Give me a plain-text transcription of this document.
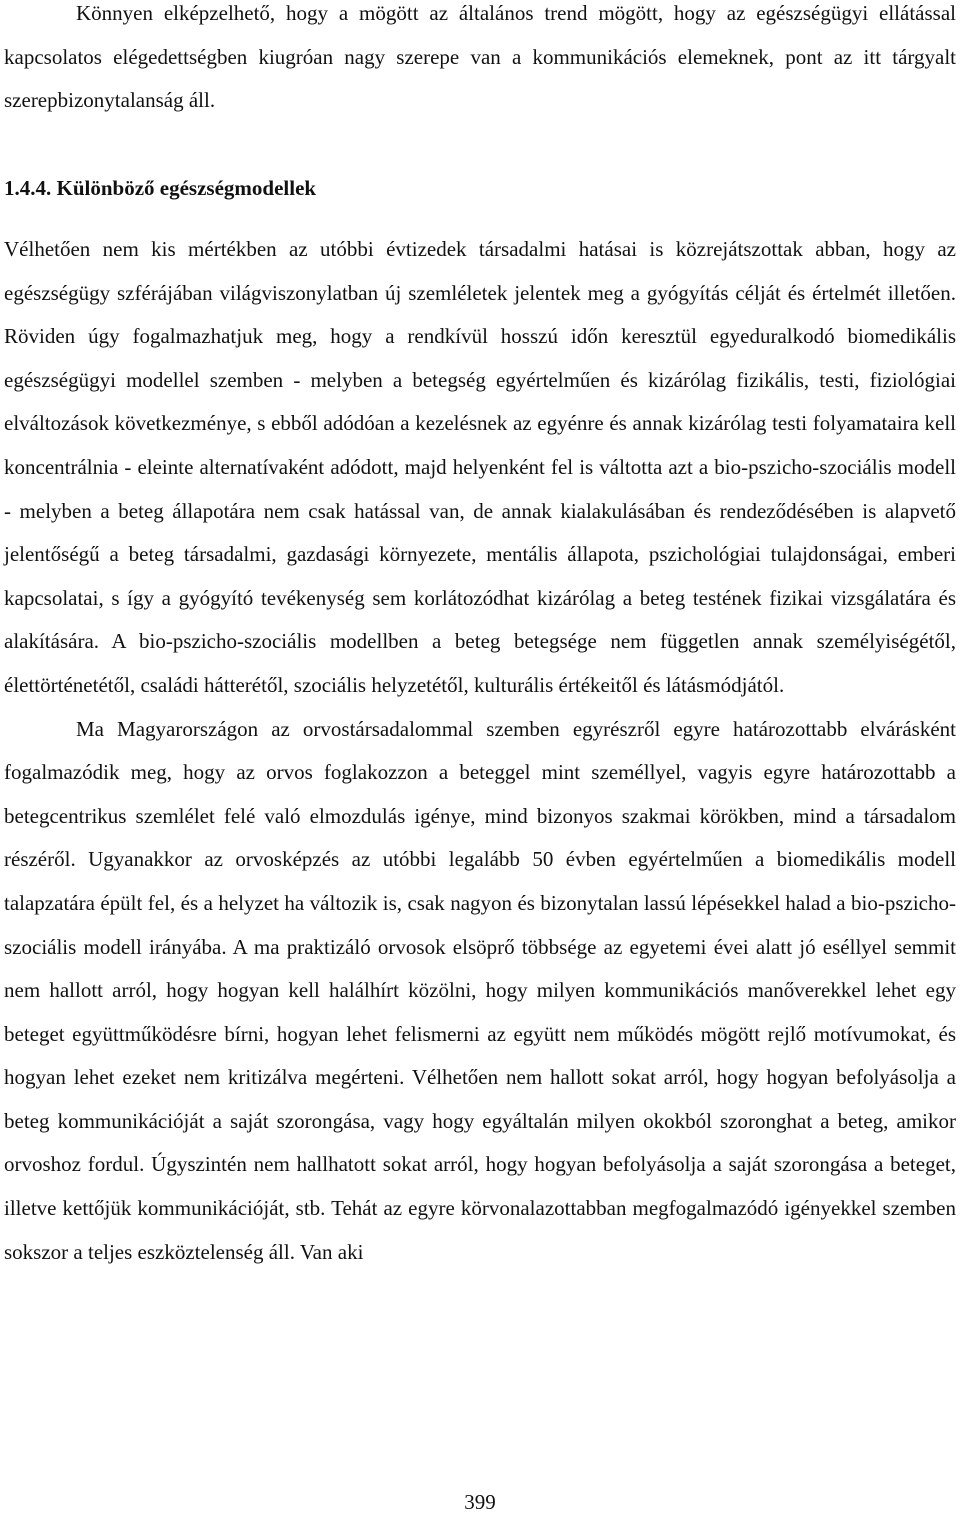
Könnyen elképzelhető, hogy a mögött az általános trend mögött, hogy az egészségügyi ellátással kapcsolatos elégedettségben kiugróan nagy szerepe van a kommunikációs elemeknek, pont az itt tárgyalt szerepbizonytalanság áll.

1.4.4. Különböző egészségmodellek

Vélhetően nem kis mértékben az utóbbi évtizedek társadalmi hatásai is közrejátszottak abban, hogy az egészségügy szférájában világviszonylatban új szemléletek jelentek meg a gyógyítás célját és értelmét illetően. Röviden úgy fogalmazhatjuk meg, hogy a rendkívül hosszú időn keresztül egyeduralkodó biomedikális egészségügyi modellel szemben - melyben a betegség egyértelműen és kizárólag fizikális, testi, fiziológiai elváltozások következménye, s ebből adódóan a kezelésnek az egyénre és annak kizárólag testi folyamataira kell koncentrálnia - eleinte alternatívaként adódott, majd helyenként fel is váltotta azt a bio-pszicho-szociális modell - melyben a beteg állapotára nem csak hatással van, de annak kialakulásában és rendeződésében is alapvető jelentőségű a beteg társadalmi, gazdasági környezete, mentális állapota, pszichológiai tulajdonságai, emberi kapcsolatai, s így a gyógyító tevékenység sem korlátozódhat kizárólag a beteg testének fizikai vizsgálatára és alakítására. A bio-pszicho-szociális modellben a beteg betegsége nem független annak személyiségétől, élettörténetétől, családi hátterétől, szociális helyzetétől, kulturális értékeitől és látásmódjától.

Ma Magyarországon az orvostársadalommal szemben egyrészről egyre határozottabb elvárásként fogalmazódik meg, hogy az orvos foglakozzon a beteggel mint személlyel, vagyis egyre határozottabb a betegcentrikus szemlélet felé való elmozdulás igénye, mind bizonyos szakmai körökben, mind a társadalom részéről. Ugyanakkor az orvosképzés az utóbbi legalább 50 évben egyértelműen a biomedikális modell talapzatára épült fel, és a helyzet ha változik is, csak nagyon és bizonytalan lassú lépésekkel halad a bio-pszicho-szociális modell irányába. A ma praktizáló orvosok elsöprő többsége az egyetemi évei alatt jó eséllyel semmit nem hallott arról, hogy hogyan kell halálhírt közölni, hogy milyen kommunikációs manőverekkel lehet egy beteget együttműködésre bírni, hogyan lehet felismerni az együtt nem működés mögött rejlő motívumokat, és hogyan lehet ezeket nem kritizálva megérteni. Vélhetően nem hallott sokat arról, hogy hogyan befolyásolja a beteg kommunikációját a saját szorongása, vagy hogy egyáltalán milyen okokból szoronghat a beteg, amikor orvoshoz fordul. Úgyszintén nem hallhatott sokat arról, hogy hogyan befolyásolja a saját szorongása a beteget, illetve kettőjük kommunikációját, stb. Tehát az egyre körvonalazottabban megfogalmazódó igényekkel szemben sokszor a teljes eszköztelenség áll. Van aki

399
